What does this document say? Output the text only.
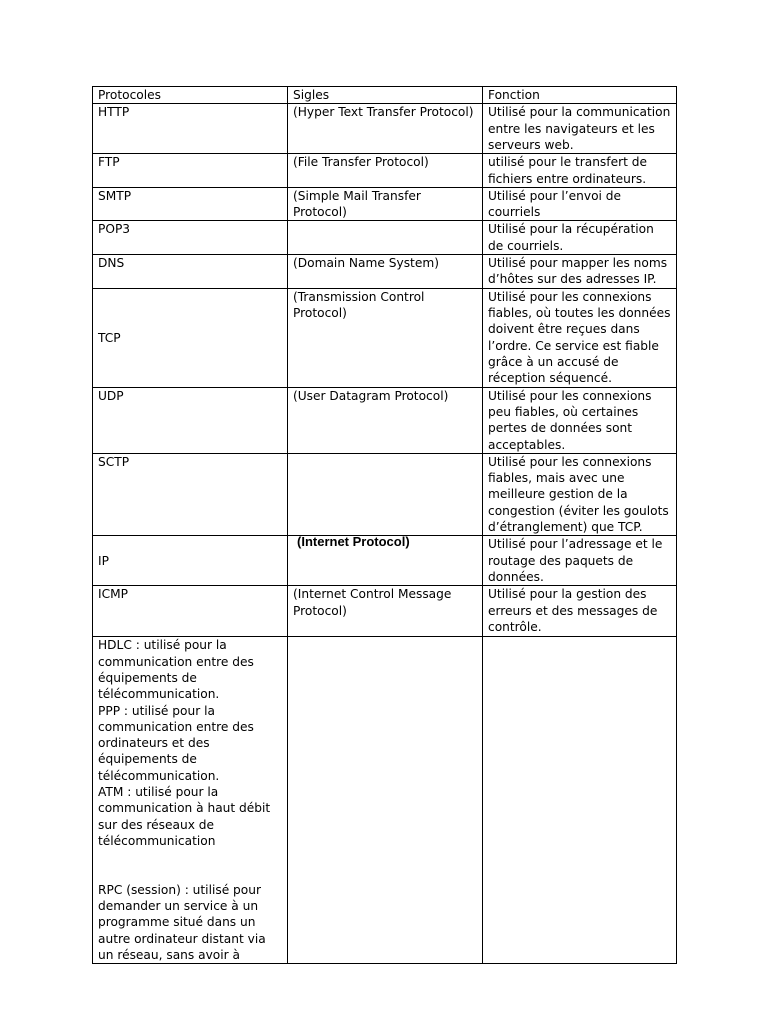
Protocoles	Sigles	Fonction
HTTP	(Hyper Text Transfer Protocol)	Utilisé pour la communication entre les navigateurs et les serveurs web.
FTP	(File Transfer Protocol)	utilisé pour le transfert de fichiers entre ordinateurs.
SMTP	(Simple Mail Transfer Protocol)	Utilisé pour l’envoi de courriels
POP3		Utilisé pour la récupération de courriels.
DNS	(Domain Name System)	Utilisé pour mapper les noms d’hôtes sur des adresses IP.
TCP	(Transmission Control Protocol)	Utilisé pour les connexions fiables, où toutes les données doivent être reçues dans l’ordre. Ce service est fiable grâce à un accusé de réception séquencé.
UDP	(User Datagram Protocol)	Utilisé pour les connexions peu fiables, où certaines pertes de données sont acceptables.
SCTP		Utilisé pour les connexions fiables, mais avec une meilleure gestion de la congestion (éviter les goulots d’étranglement) que TCP.
IP	(Internet Protocol)	Utilisé pour l’adressage et le routage des paquets de données.
ICMP	(Internet Control Message Protocol)	Utilisé pour la gestion des erreurs et des messages de contrôle.
HDLC : utilisé pour la communication entre des équipements de télécommunication.
PPP : utilisé pour la communication entre des ordinateurs et des équipements de télécommunication.
ATM : utilisé pour la communication à haut débit sur des réseaux de télécommunication

RPC (session) : utilisé pour demander un service à un programme situé dans un autre ordinateur distant via un réseau, sans avoir à		
